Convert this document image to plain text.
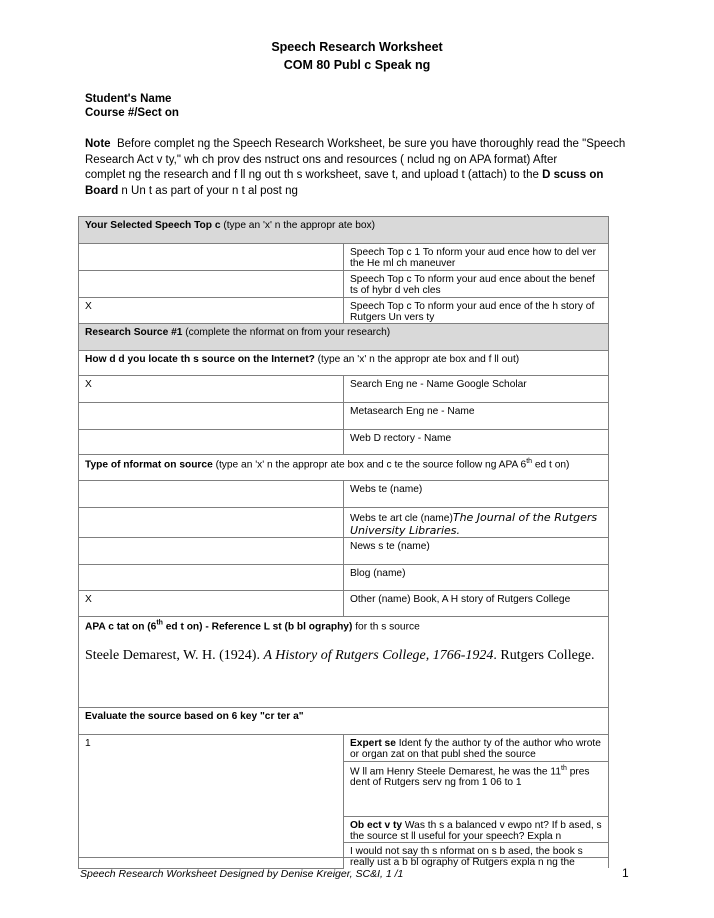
Speech Research Worksheet
COM 80 Publ c Speak ng
Student's Name
Course #/Sect on
Note Before complet ng the Speech Research Worksheet, be sure you have thoroughly read the "Speech
Research Act v ty," wh ch prov des nstruct ons and resources ( nclud ng on APA format) After
complet ng the research and f ll ng out th s worksheet, save t, and upload t (attach) to the D scuss on
Board n Un t as part of your n t al post ng
Your Selected Speech Top c (type an 'x' n the appropr ate box)	
	Speech Top c 1 To nform your aud ence how to del ver the He ml ch maneuver
	Speech Top c To nform your aud ence about the benef ts of hybr d veh cles
X	Speech Top c To nform your aud ence of the h story of Rutgers Un vers ty
Research Source #1 (complete the nformat on from your research)	
How d d you locate th s source on the Internet? (type an 'x' n the appropr ate box and f ll out)	
X	Search Eng ne - Name Google Scholar
	Metasearch Eng ne - Name
	Web D rectory - Name
Type of nformat on source (type an 'x' n the appropr ate box and c te the source follow ng APA 6th ed t on)	
	Webs te (name)
	Webs te art cle (name)The Journal of the Rutgers University Libraries.
	News s te (name)
	Blog (name)
X	Other (name) Book, A H story of Rutgers College

APA c tat on (6th ed t on) - Reference L st (b bl ography) for th s source
Steele Demarest, W. H. (1924). A History of Rutgers College, 1766-1924. Rutgers College.	

Evaluate the source based on 6 key "cr ter a"	
1	Expert se Ident fy the author ty of the author who wrote or organ zat on that publ shed the source
	W ll am Henry Steele Demarest, he was the 11th pres dent of Rutgers serv ng from 1 06 to 1
	Ob ect v ty Was th s a balanced v ewpo nt? If b ased, s the source st ll useful for your speech? Expla n
	I would not say th s nformat on s b ased, the book s really ust a b bl ography of Rutgers expla n ng the
Speech Research Worksheet Designed by Denise Kreiger, SC&I, 1 /1	1
